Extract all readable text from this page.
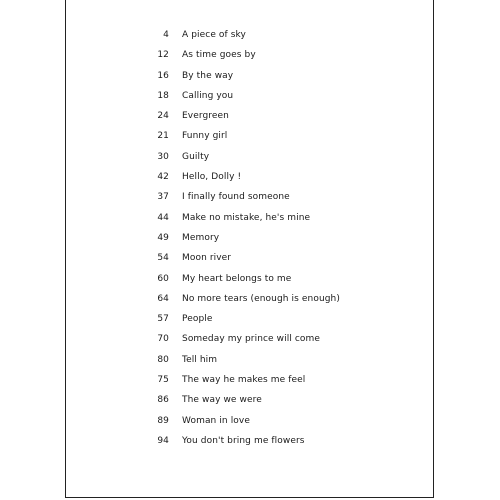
4 A piece of sky
12 As time goes by
16 By the way
18 Calling you
24 Evergreen
21 Funny girl
30 Guilty
42 Hello, Dolly !
37 I finally found someone
44 Make no mistake, he's mine
49 Memory
54 Moon river
60 My heart belongs to me
64 No more tears (enough is enough)
57 People
70 Someday my prince will come
80 Tell him
75 The way he makes me feel
86 The way we were
89 Woman in love
94 You don't bring me flowers
